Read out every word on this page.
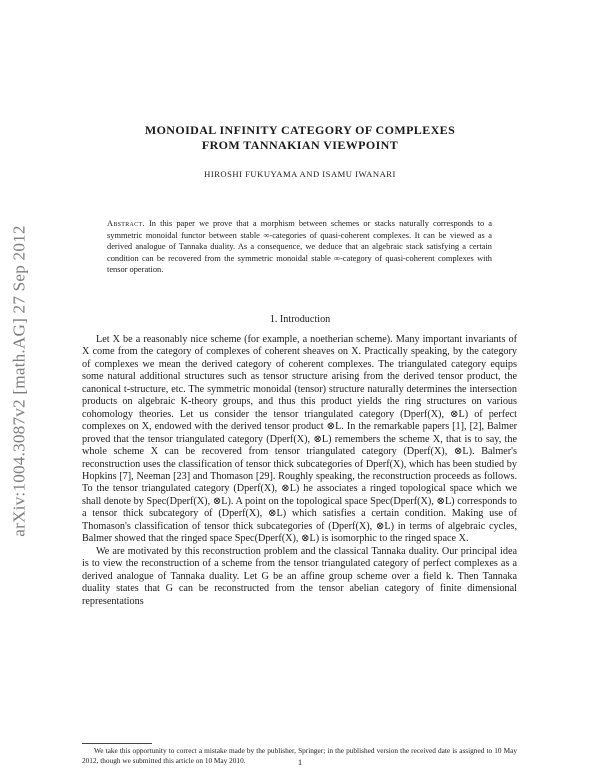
arXiv:1004.3087v2 [math.AG] 27 Sep 2012
MONOIDAL INFINITY CATEGORY OF COMPLEXES
FROM TANNAKIAN VIEWPOINT
HIROSHI FUKUYAMA AND ISAMU IWANARI
Abstract. In this paper we prove that a morphism between schemes or stacks naturally corresponds to a symmetric monoidal functor between stable ∞-categories of quasi-coherent complexes. It can be viewed as a derived analogue of Tannaka duality. As a consequence, we deduce that an algebraic stack satisfying a certain condition can be recovered from the symmetric monoidal stable ∞-category of quasi-coherent complexes with tensor operation.
1. Introduction

Let X be a reasonably nice scheme (for example, a noetherian scheme). Many important invariants of X come from the category of complexes of coherent sheaves on X. Practically speaking, by the category of complexes we mean the derived category of coherent complexes. The triangulated category equips some natural additional structures such as tensor structure arising from the derived tensor product, the canonical t-structure, etc. The symmetric monoidal (tensor) structure naturally determines the intersection products on algebraic K-theory groups, and thus this product yields the ring structures on various cohomology theories. Let us consider the tensor triangulated category (Dperf(X), ⊗L) of perfect complexes on X, endowed with the derived tensor product ⊗L. In the remarkable papers [1], [2], Balmer proved that the tensor triangulated category (Dperf(X), ⊗L) remembers the scheme X, that is to say, the whole scheme X can be recovered from tensor triangulated category (Dperf(X), ⊗L). Balmer's reconstruction uses the classification of tensor thick subcategories of Dperf(X), which has been studied by Hopkins [7], Neeman [23] and Thomason [29]. Roughly speaking, the reconstruction proceeds as follows. To the tensor triangulated category (Dperf(X), ⊗L) he associates a ringed topological space which we shall denote by Spec(Dperf(X), ⊗L). A point on the topological space Spec(Dperf(X), ⊗L) corresponds to a tensor thick subcategory of (Dperf(X), ⊗L) which satisfies a certain condition. Making use of Thomason's classification of tensor thick subcategories of (Dperf(X), ⊗L) in terms of algebraic cycles, Balmer showed that the ringed space Spec(Dperf(X), ⊗L) is isomorphic to the ringed space X.

We are motivated by this reconstruction problem and the classical Tannaka duality. Our principal idea is to view the reconstruction of a scheme from the tensor triangulated category of perfect complexes as a derived analogue of Tannaka duality. Let G be an affine group scheme over a field k. Then Tannaka duality states that G can be reconstructed from the tensor abelian category of finite dimensional representations

We take this opportunity to correct a mistake made by the publisher, Springer; in the published version the received date is assigned to 10 May 2012, though we submitted this article on 10 May 2010.	1
